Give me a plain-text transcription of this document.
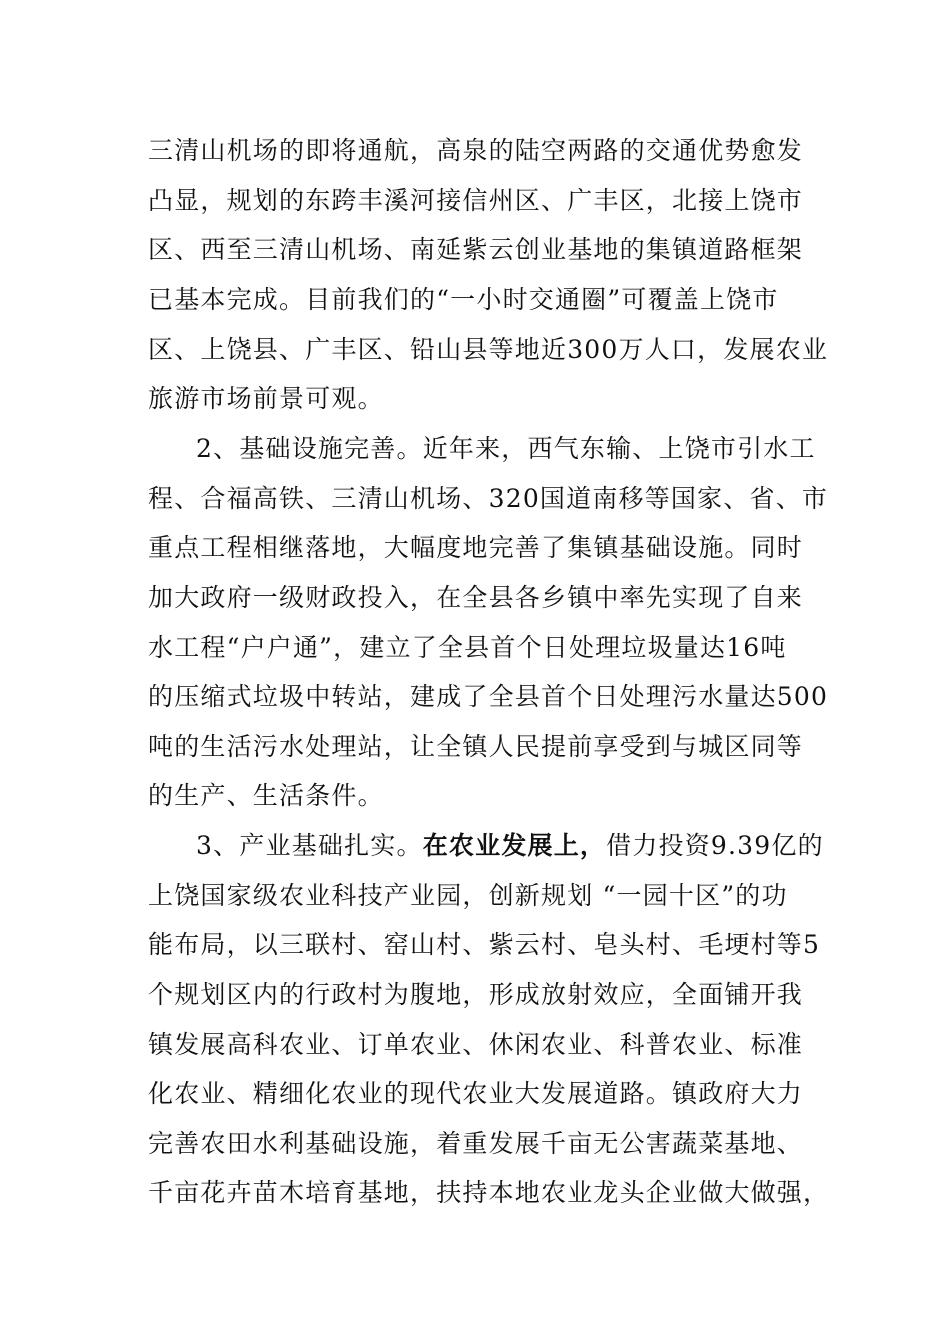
三清山机场的即将通航，高泉的陆空两路的交通优势愈发
凸显，规划的东跨丰溪河接信州区、广丰区，北接上饶市
区、西至三清山机场、南延紫云创业基地的集镇道路框架
已基本完成。目前我们的“一小时交通圈”可覆盖上饶市
区、上饶县、广丰区、铅山县等地近300万人口，发展农业
旅游市场前景可观。
2、基础设施完善。近年来，西气东输、上饶市引水工
程、合福高铁、三清山机场、320国道南移等国家、省、市
重点工程相继落地，大幅度地完善了集镇基础设施。同时
加大政府一级财政投入，在全县各乡镇中率先实现了自来
水工程“户户通”，建立了全县首个日处理垃圾量达16吨
的压缩式垃圾中转站，建成了全县首个日处理污水量达500
吨的生活污水处理站，让全镇人民提前享受到与城区同等
的生产、生活条件。
3、产业基础扎实。在农业发展上，借力投资9.39亿的
上饶国家级农业科技产业园，创新规划 “一园十区”的功
能布局，以三联村、窑山村、紫云村、皂头村、毛埂村等5
个规划区内的行政村为腹地，形成放射效应，全面铺开我
镇发展高科农业、订单农业、休闲农业、科普农业、标准
化农业、精细化农业的现代农业大发展道路。镇政府大力
完善农田水利基础设施，着重发展千亩无公害蔬菜基地、
千亩花卉苗木培育基地，扶持本地农业龙头企业做大做强，
